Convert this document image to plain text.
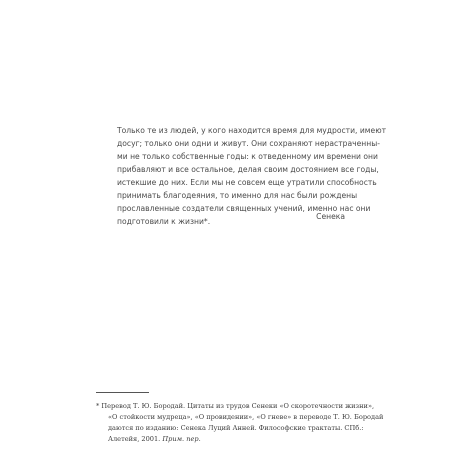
Только те из людей, у кого находится время для мудрости, имеют
досуг; только они одни и живут. Они сохраняют нерастраченны-
ми не только собственные годы: к отведенному им времени они
прибавляют и все остальное, делая своим достоянием все годы,
истекшие до них. Если мы не совсем еще утратили способность
принимать благодеяния, то именно для нас были рождены
прославленные создатели священных учений, именно нас они
подготовили к жизни*.
Сенека
* Перевод Т. Ю. Бородай. Цитаты из трудов Сенеки «О скоротечности жизни»,
«О стойкости мудреца», «О провидении», «О гневе» в переводе Т. Ю. Бородай
даются по изданию: Сенека Луций Анней. Философские трактаты. СПб.:
Алетейя, 2001. Прим. пер.
